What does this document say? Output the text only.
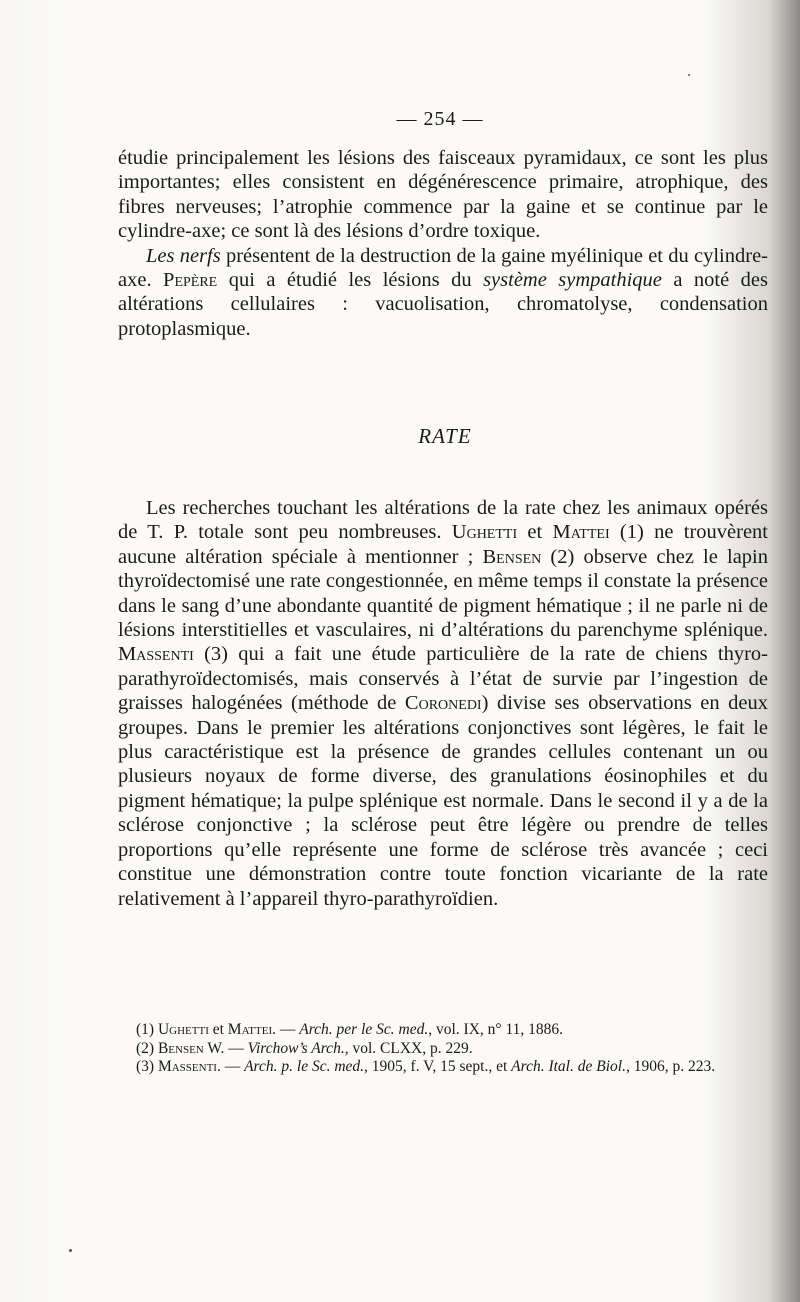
— 254 —

étudie principalement les lésions des faisceaux pyramidaux, ce sont les plus importantes; elles consistent en dégénérescence primaire, atrophique, des fibres nerveuses; l’atrophie commence par la gaine et se continue par le cylindre-axe; ce sont là des lésions d’ordre toxique.

Les nerfs présentent de la destruction de la gaine myélinique et du cylindre-axe. Pepère qui a étudié les lésions du système sympathique a noté des altérations cellulaires : vacuolisation, chromatolyse, condensation protoplasmique.

RATE

Les recherches touchant les altérations de la rate chez les animaux opérés de T. P. totale sont peu nombreuses. Ughetti et Mattei (1) ne trouvèrent aucune altération spéciale à mentionner ; Bensen (2) observe chez le lapin thyroïdectomisé une rate congestionnée, en même temps il constate la présence dans le sang d’une abondante quantité de pigment hématique ; il ne parle ni de lésions interstitielles et vasculaires, ni d’altérations du parenchyme splénique. Massenti (3) qui a fait une étude particulière de la rate de chiens thyro-parathyroïdectomisés, mais conservés à l’état de survie par l’ingestion de graisses halogénées (méthode de Coronedi) divise ses observations en deux groupes. Dans le premier les altérations conjonctives sont légères, le fait le plus caractéristique est la présence de grandes cellules contenant un ou plusieurs noyaux de forme diverse, des granulations éosinophiles et du pigment hématique; la pulpe splénique est normale. Dans le second il y a de la sclérose conjonctive ; la sclérose peut être légère ou prendre de telles proportions qu’elle représente une forme de sclérose très avancée ; ceci constitue une démonstration contre toute fonction vicariante de la rate relativement à l’appareil thyro-parathyroïdien.

(1) Ughetti et Mattei. — Arch. per le Sc. med., vol. IX, n° 11, 1886.

(2) Bensen W. — Virchow’s Arch., vol. CLXX, p. 229.

(3) Massenti. — Arch. p. le Sc. med., 1905, f. V, 15 sept., et Arch. Ital. de Biol., 1906, p. 223.
